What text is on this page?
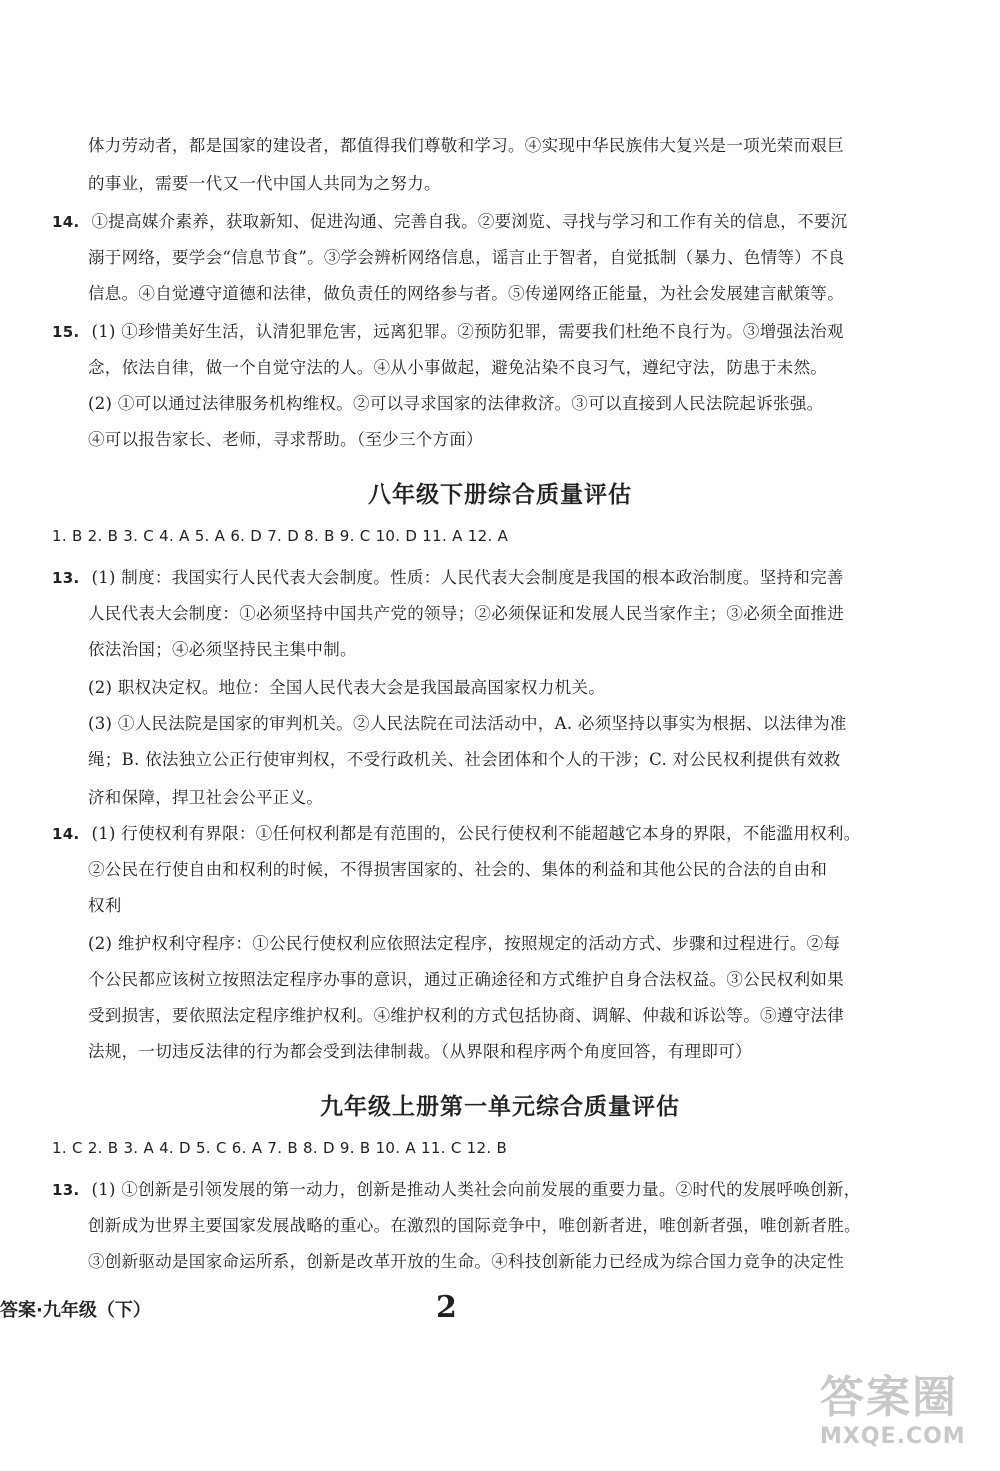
体力劳动者，都是国家的建设者，都值得我们尊敬和学习。④实现中华民族伟大复兴是一项光荣而艰巨
的事业，需要一代又一代中国人共同为之努力。
14. ①提高媒介素养，获取新知、促进沟通、完善自我。②要浏览、寻找与学习和工作有关的信息，不要沉
溺于网络，要学会“信息节食”。③学会辨析网络信息，谣言止于智者，自觉抵制（暴力、色情等）不良
信息。④自觉遵守道德和法律，做负责任的网络参与者。⑤传递网络正能量，为社会发展建言献策等。
15. (1) ①珍惜美好生活，认清犯罪危害，远离犯罪。②预防犯罪，需要我们杜绝不良行为。③增强法治观
念，依法自律，做一个自觉守法的人。④从小事做起，避免沾染不良习气，遵纪守法，防患于未然。
(2) ①可以通过法律服务机构维权。②可以寻求国家的法律救济。③可以直接到人民法院起诉张强。
④可以报告家长、老师，寻求帮助。（至少三个方面）
八年级下册综合质量评估
1. B 2. B 3. C 4. A 5. A 6. D 7. D 8. B 9. C 10. D 11. A 12. A
13. (1) 制度：我国实行人民代表大会制度。性质：人民代表大会制度是我国的根本政治制度。坚持和完善
人民代表大会制度：①必须坚持中国共产党的领导；②必须保证和发展人民当家作主；③必须全面推进
依法治国；④必须坚持民主集中制。
(2) 职权决定权。地位：全国人民代表大会是我国最高国家权力机关。
(3) ①人民法院是国家的审判机关。②人民法院在司法活动中，A. 必须坚持以事实为根据、以法律为准
绳；B. 依法独立公正行使审判权，不受行政机关、社会团体和个人的干涉；C. 对公民权利提供有效救
济和保障，捍卫社会公平正义。
14. (1) 行使权利有界限：①任何权利都是有范围的，公民行使权利不能超越它本身的界限，不能滥用权利。
②公民在行使自由和权利的时候，不得损害国家的、社会的、集体的利益和其他公民的合法的自由和
权利
(2) 维护权利守程序：①公民行使权利应依照法定程序，按照规定的活动方式、步骤和过程进行。②每
个公民都应该树立按照法定程序办事的意识，通过正确途径和方式维护自身合法权益。③公民权利如果
受到损害，要依照法定程序维护权利。④维护权利的方式包括协商、调解、仲裁和诉讼等。⑤遵守法律
法规，一切违反法律的行为都会受到法律制裁。（从界限和程序两个角度回答，有理即可）
九年级上册第一单元综合质量评估
1. C 2. B 3. A 4. D 5. C 6. A 7. B 8. D 9. B 10. A 11. C 12. B
13. (1) ①创新是引领发展的第一动力，创新是推动人类社会向前发展的重要力量。②时代的发展呼唤创新，
创新成为世界主要国家发展战略的重心。在激烈的国际竞争中，唯创新者进，唯创新者强，唯创新者胜。
③创新驱动是国家命运所系，创新是改革开放的生命。④科技创新能力已经成为综合国力竞争的决定性
答案·九年级（下）	2
答案圈
MXQE.COM
